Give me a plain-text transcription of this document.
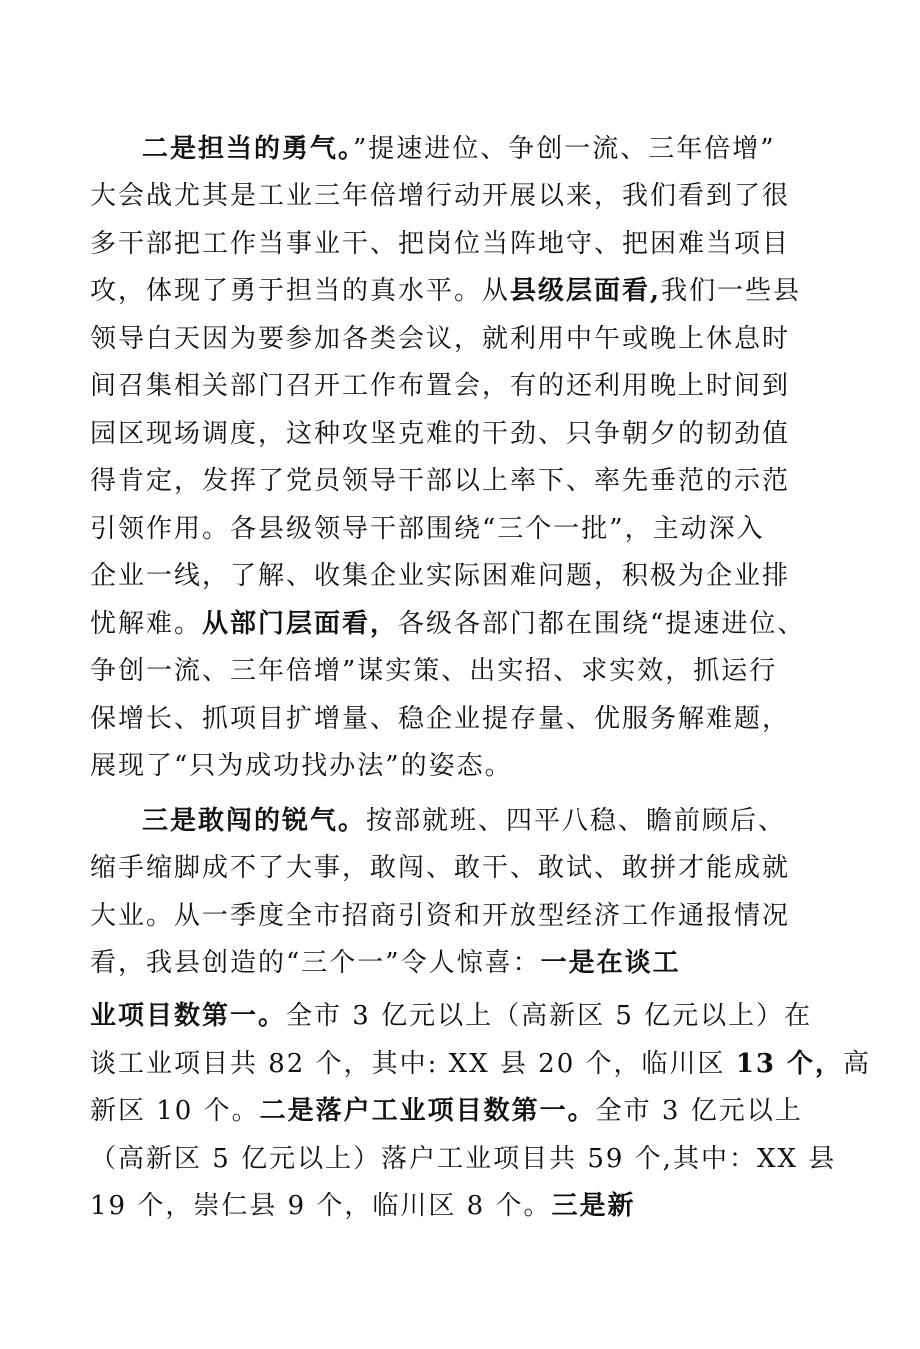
二是担当的勇气。”提速进位、争创一流、三年倍增”
大会战尤其是工业三年倍增行动开展以来，我们看到了很
多干部把工作当事业干、把岗位当阵地守、把困难当项目
攻，体现了勇于担当的真水平。从县级层面看,我们一些县
领导白天因为要参加各类会议，就利用中午或晚上休息时
间召集相关部门召开工作布置会，有的还利用晚上时间到
园区现场调度，这种攻坚克难的干劲、只争朝夕的韧劲值
得肯定，发挥了党员领导干部以上率下、率先垂范的示范
引领作用。各县级领导干部围绕“三个一批”，主动深入
企业一线，了解、收集企业实际困难问题，积极为企业排
忧解难。从部门层面看，各级各部门都在围绕“提速进位、
争创一流、三年倍增”谋实策、出实招、求实效，抓运行
保增长、抓项目扩增量、稳企业提存量、优服务解难题，
展现了“只为成功找办法”的姿态。
三是敢闯的锐气。按部就班、四平八稳、瞻前顾后、
缩手缩脚成不了大事，敢闯、敢干、敢试、敢拼才能成就
大业。从一季度全市招商引资和开放型经济工作通报情况
看，我县创造的“三个一”令人惊喜：一是在谈工
业项目数第一。全市 3 亿元以上（高新区 5 亿元以上）在
谈工业项目共 82 个，其中: XX 县 20 个，临川区 13 个，高
新区 10 个。二是落户工业项目数第一。全市 3 亿元以上
（高新区 5 亿元以上）落户工业项目共 59 个,其中：XX 县
19 个，崇仁县 9 个，临川区 8 个。三是新
